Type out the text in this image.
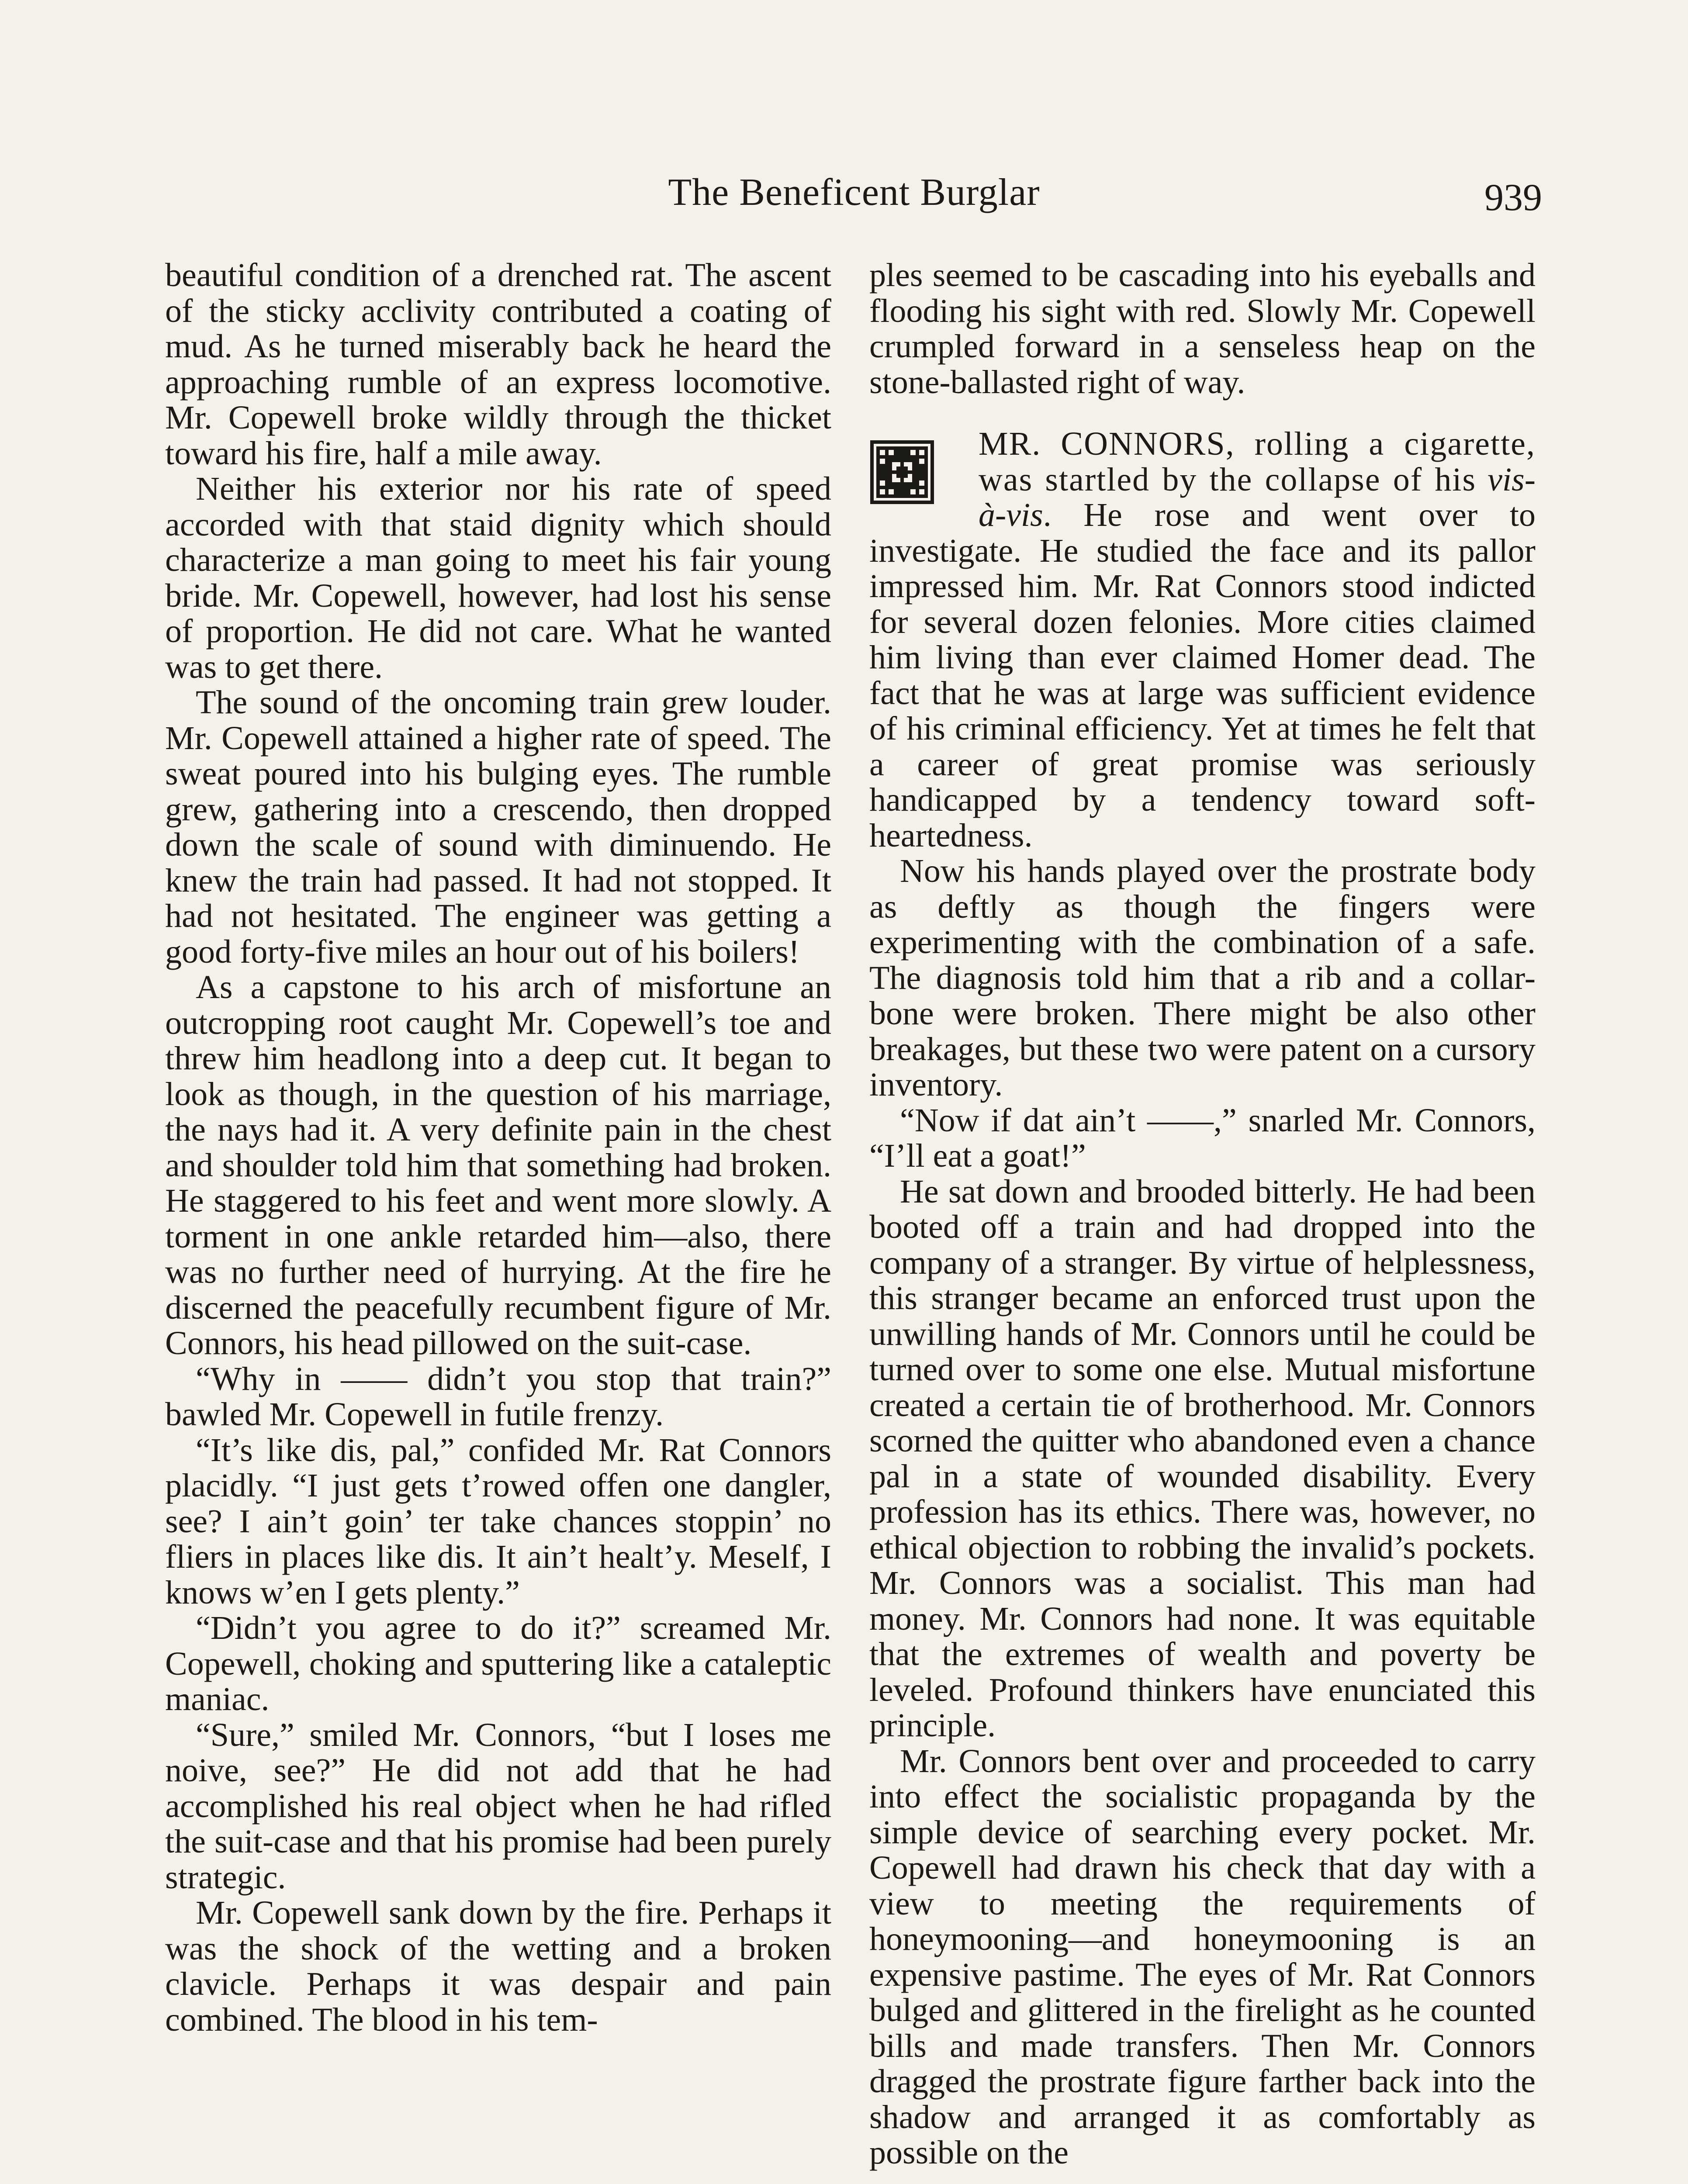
The Beneficent Burglar	939

beautiful condition of a drenched rat. The ascent of the sticky acclivity contributed a coating of mud. As he turned miserably back he heard the approaching rumble of an express locomotive. Mr. Copewell broke wildly through the thicket toward his fire, half a mile away.

Neither his exterior nor his rate of speed accorded with that staid dignity which should characterize a man going to meet his fair young bride. Mr. Copewell, however, had lost his sense of proportion. He did not care. What he wanted was to get there.

The sound of the oncoming train grew louder. Mr. Copewell attained a higher rate of speed. The sweat poured into his bulging eyes. The rumble grew, gathering into a crescendo, then dropped down the scale of sound with diminuendo. He knew the train had passed. It had not stopped. It had not hesitated. The engineer was getting a good forty-five miles an hour out of his boilers!

As a capstone to his arch of misfortune an outcropping root caught Mr. Copewell’s toe and threw him headlong into a deep cut. It began to look as though, in the question of his marriage, the nays had it. A very definite pain in the chest and shoulder told him that something had broken. He staggered to his feet and went more slowly. A torment in one ankle retarded him—also, there was no further need of hurrying. At the fire he discerned the peacefully recumbent figure of Mr. Connors, his head pillowed on the suit-case.

“Why in —— didn’t you stop that train?” bawled Mr. Copewell in futile frenzy.

“It’s like dis, pal,” confided Mr. Rat Connors placidly. “I just gets t’rowed offen one dangler, see? I ain’t goin’ ter take chances stoppin’ no fliers in places like dis. It ain’t healt’y. Meself, I knows w’en I gets plenty.”

“Didn’t you agree to do it?” screamed Mr. Copewell, choking and sputtering like a cataleptic maniac.

“Sure,” smiled Mr. Connors, “but I loses me noive, see?” He did not add that he had accomplished his real object when he had rifled the suit-case and that his promise had been purely strategic.

Mr. Copewell sank down by the fire. Perhaps it was the shock of the wetting and a broken clavicle. Perhaps it was despair and pain combined. The blood in his tem-

ples seemed to be cascading into his eyeballs and flooding his sight with red. Slowly Mr. Copewell crumpled forward in a senseless heap on the stone-ballasted right of way.

MR. CONNORS, rolling a cigarette, was startled by the collapse of his vis-à-vis. He rose and went over to investigate. He studied the face and its pallor impressed him. Mr. Rat Connors stood indicted for several dozen felonies. More cities claimed him living than ever claimed Homer dead. The fact that he was at large was sufficient evidence of his criminal efficiency. Yet at times he felt that a career of great promise was seriously handicapped by a tendency toward soft-heartedness.

Now his hands played over the prostrate body as deftly as though the fingers were experimenting with the combination of a safe. The diagnosis told him that a rib and a collar-bone were broken. There might be also other breakages, but these two were patent on a cursory inventory.

“Now if dat ain’t ——,” snarled Mr. Connors, “I’ll eat a goat!”

He sat down and brooded bitterly. He had been booted off a train and had dropped into the company of a stranger. By virtue of helplessness, this stranger became an enforced trust upon the unwilling hands of Mr. Connors until he could be turned over to some one else. Mutual misfortune created a certain tie of brotherhood. Mr. Connors scorned the quitter who abandoned even a chance pal in a state of wounded disability. Every profession has its ethics. There was, however, no ethical objection to robbing the invalid’s pockets. Mr. Connors was a socialist. This man had money. Mr. Connors had none. It was equitable that the extremes of wealth and poverty be leveled. Profound thinkers have enunciated this principle.

Mr. Connors bent over and proceeded to carry into effect the socialistic propaganda by the simple device of searching every pocket. Mr. Copewell had drawn his check that day with a view to meeting the requirements of honeymooning—and honeymooning is an expensive pastime. The eyes of Mr. Rat Connors bulged and glittered in the firelight as he counted bills and made transfers. Then Mr. Connors dragged the prostrate figure farther back into the shadow and arranged it as comfortably as possible on the
